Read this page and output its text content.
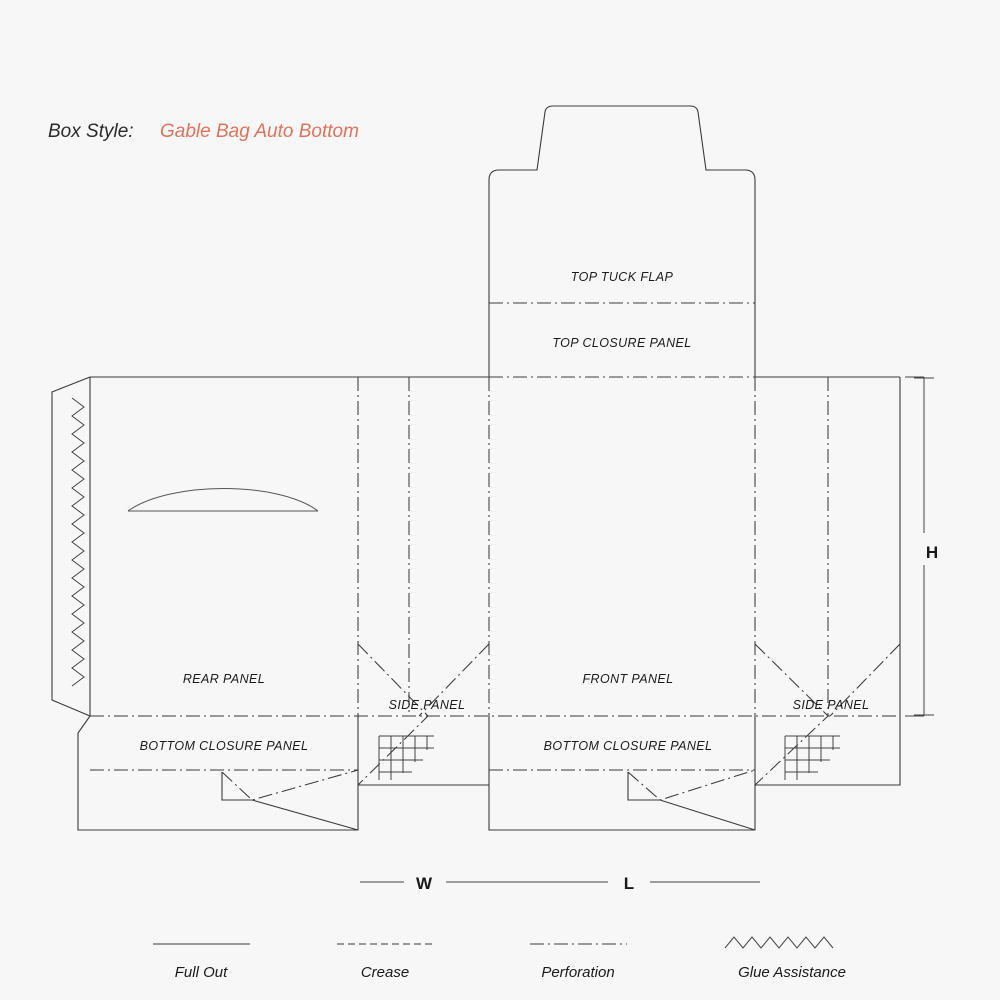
Box Style: Gable Bag Auto Bottom
TOP TUCK FLAP
TOP CLOSURE PANEL
REAR PANEL
SIDE PANEL	SIDE PANEL
FRONT PANEL
BOTTOM CLOSURE PANEL	BOTTOM CLOSURE PANEL
H
W	L
Full Out	Crease	Perforation	Glue Assistance
